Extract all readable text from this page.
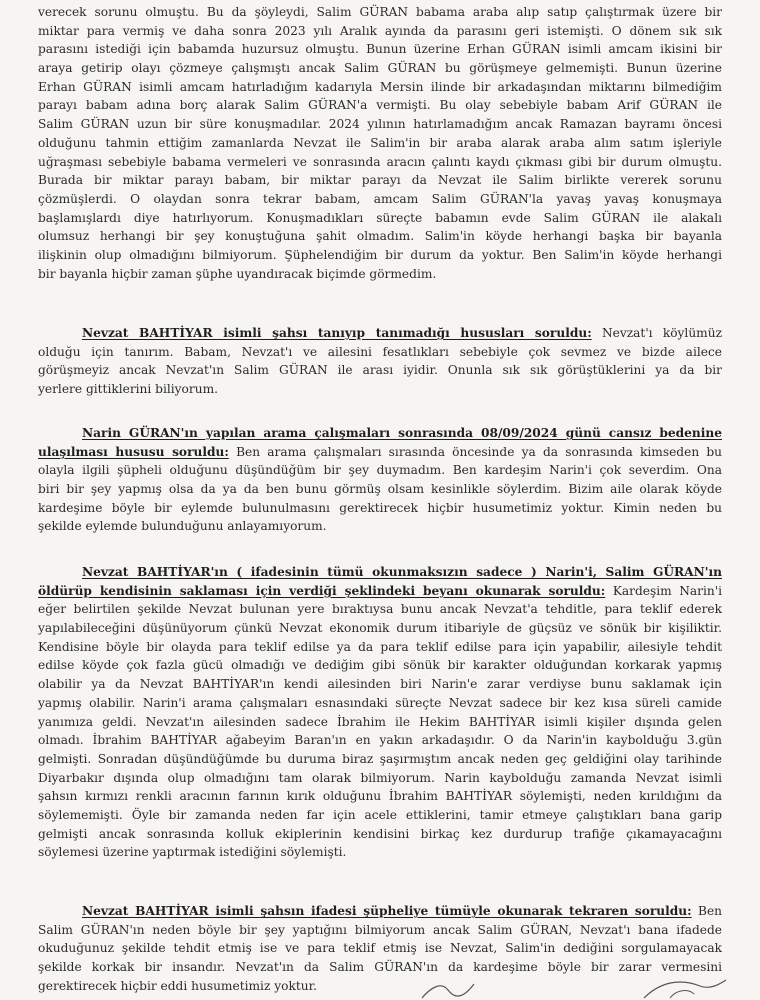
verecek sorunu olmuştu. Bu da şöyleydi, Salim GÜRAN babama araba alıp satıp çalıştırmak üzere bir
miktar para vermiş ve daha sonra 2023 yılı Aralık ayında da parasını geri istemişti. O dönem sık sık
parasını istediği için babamda huzursuz olmuştu. Bunun üzerine Erhan GÜRAN isimli amcam ikisini bir
araya getirip olayı çözmeye çalışmıştı ancak Salim GÜRAN bu görüşmeye gelmemişti. Bunun üzerine
Erhan GÜRAN isimli amcam hatırladığım kadarıyla Mersin ilinde bir arkadaşından miktarını bilmediğim
parayı babam adına borç alarak Salim GÜRAN'a vermişti. Bu olay sebebiyle babam Arif GÜRAN ile
Salim GÜRAN uzun bir süre konuşmadılar. 2024 yılının hatırlamadığım ancak Ramazan bayramı öncesi
olduğunu tahmin ettiğim zamanlarda Nevzat ile Salim'in bir araba alarak araba alım satım işleriyle
uğraşması sebebiyle babama vermeleri ve sonrasında aracın çalıntı kaydı çıkması gibi bir durum olmuştu.
Burada bir miktar parayı babam, bir miktar parayı da Nevzat ile Salim birlikte vererek sorunu
çözmüşlerdi. O olaydan sonra tekrar babam, amcam Salim GÜRAN'la yavaş yavaş konuşmaya
başlamışlardı diye hatırlıyorum. Konuşmadıkları süreçte babamın evde Salim GÜRAN ile alakalı
olumsuz herhangi bir şey konuştuğuna şahit olmadım. Salim'in köyde herhangi başka bir bayanla
ilişkinin olup olmadığını bilmiyorum. Şüphelendiğim bir durum da yoktur. Ben Salim'in köyde herhangi
bir bayanla hiçbir zaman şüphe uyandıracak biçimde görmedim.
Nevzat BAHTİYAR isimli şahsı tanıyıp tanımadığı hususları soruldu: Nevzat'ı köylümüz
olduğu için tanırım. Babam, Nevzat'ı ve ailesini fesatlıkları sebebiyle çok sevmez ve bizde ailece
görüşmeyiz ancak Nevzat'ın Salim GÜRAN ile arası iyidir. Onunla sık sık görüştüklerini ya da bir
yerlere gittiklerini biliyorum.
Narin GÜRAN'ın yapılan arama çalışmaları sonrasında 08/09/2024 günü cansız bedenine
ulaşılması hususu soruldu: Ben arama çalışmaları sırasında öncesinde ya da sonrasında kimseden bu
olayla ilgili şüpheli olduğunu düşündüğüm bir şey duymadım. Ben kardeşim Narin'i çok severdim. Ona
biri bir şey yapmış olsa da ya da ben bunu görmüş olsam kesinlikle söylerdim. Bizim aile olarak köyde
kardeşime böyle bir eylemde bulunulmasını gerektirecek hiçbir husumetimiz yoktur. Kimin neden bu
şekilde eylemde bulunduğunu anlayamıyorum.
Nevzat BAHTİYAR'ın ( ifadesinin tümü okunmaksızın sadece ) Narin'i, Salim GÜRAN'ın
öldürüp kendisinin saklaması için verdiği şeklindeki beyanı okunarak soruldu: Kardeşim Narin'i
eğer belirtilen şekilde Nevzat bulunan yere bıraktıysa bunu ancak Nevzat'a tehditle, para teklif ederek
yapılabileceğini düşünüyorum çünkü Nevzat ekonomik durum itibariyle de güçsüz ve sönük bir kişiliktir.
Kendisine böyle bir olayda para teklif edilse ya da para teklif edilse para için yapabilir, ailesiyle tehdit
edilse köyde çok fazla gücü olmadığı ve dediğim gibi sönük bir karakter olduğundan korkarak yapmış
olabilir ya da Nevzat BAHTİYAR'ın kendi ailesinden biri Narin'e zarar verdiyse bunu saklamak için
yapmış olabilir. Narin'i arama çalışmaları esnasındaki süreçte Nevzat sadece bir kez kısa süreli camide
yanımıza geldi. Nevzat'ın ailesinden sadece İbrahim ile Hekim BAHTİYAR isimli kişiler dışında gelen
olmadı. İbrahim BAHTİYAR ağabeyim Baran'ın en yakın arkadaşıdır. O da Narin'in kaybolduğu 3.gün
gelmişti. Sonradan düşündüğümde bu duruma biraz şaşırmıştım ancak neden geç geldiğini olay tarihinde
Diyarbakır dışında olup olmadığını tam olarak bilmiyorum. Narin kaybolduğu zamanda Nevzat isimli
şahsın kırmızı renkli aracının farının kırık olduğunu İbrahim BAHTİYAR söylemişti, neden kırıldığını da
söylememişti. Öyle bir zamanda neden far için acele ettiklerini, tamir etmeye çalıştıkları bana garip
gelmişti ancak sonrasında kolluk ekiplerinin kendisini birkaç kez durdurup trafiğe çıkamayacağını
söylemesi üzerine yaptırmak istediğini söylemişti.
Nevzat BAHTİYAR isimli şahsın ifadesi şüpheliye tümüyle okunarak tekraren soruldu: Ben
Salim GÜRAN'ın neden böyle bir şey yaptığını bilmiyorum ancak Salim GÜRAN, Nevzat'ı bana ifadede
okuduğunuz şekilde tehdit etmiş ise ve para teklif etmiş ise Nevzat, Salim'in dediğini sorgulamayacak
şekilde korkak bir insandır. Nevzat'ın da Salim GÜRAN'ın da kardeşime böyle bir zarar vermesini
gerektirecek hiçbir eddi husumetimiz yoktur.
